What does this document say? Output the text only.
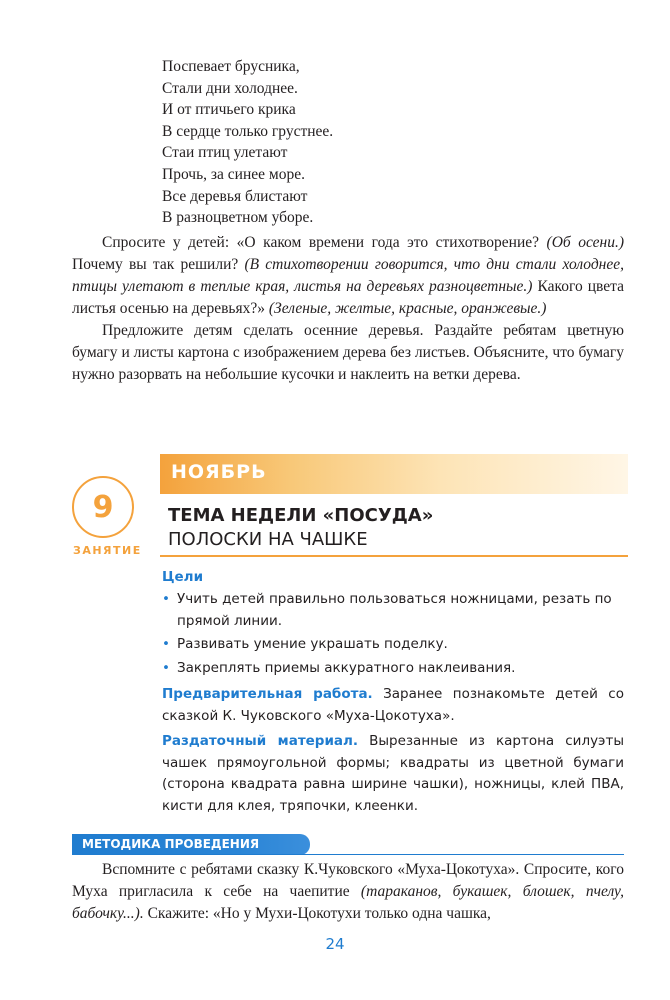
Поспевает брусника,
Стали дни холоднее.
И от птичьего крика
В сердце только грустнее.
Стаи птиц улетают
Прочь, за синее море.
Все деревья блистают
В разноцветном уборе.

Спросите у детей: «О каком времени года это стихотворение? (Об осени.) Почему вы так решили? (В стихотворении говорится, что дни стали холоднее, птицы улетают в теплые края, листья на деревьях разноцветные.) Какого цвета листья осенью на деревьях?» (Зеленые, желтые, красные, оранжевые.)

Предложите детям сделать осенние деревья. Раздайте ребятам цветную бумагу и листы картона с изображением дерева без листьев. Объясните, что бумагу нужно разорвать на небольшие кусочки и наклеить на ветки дерева.

НОЯБРЬ
9
ЗАНЯТИЕ
ТЕМА НЕДЕЛИ «ПОСУДА»
ПОЛОСКИ НА ЧАШКЕ
Цели
• Учить детей правильно пользоваться ножницами, резать по прямой линии.
• Развивать умение украшать поделку.
• Закреплять приемы аккуратного наклеивания.
Предварительная работа. Заранее познакомьте детей со сказкой К. Чуковского «Муха-Цокотуха».
Раздаточный материал. Вырезанные из картона силуэты чашек прямоугольной формы; квадраты из цветной бумаги (сторона квадрата равна ширине чашки), ножницы, клей ПВА, кисти для клея, тряпочки, клеенки.
МЕТОДИКА ПРОВЕДЕНИЯ

Вспомните с ребятами сказку К.Чуковского «Муха-Цокотуха». Спросите, кого Муха пригласила к себе на чаепитие (тараканов, букашек, блошек, пчелу, бабочку...). Скажите: «Но у Мухи-Цокотухи только одна чашка,

24
